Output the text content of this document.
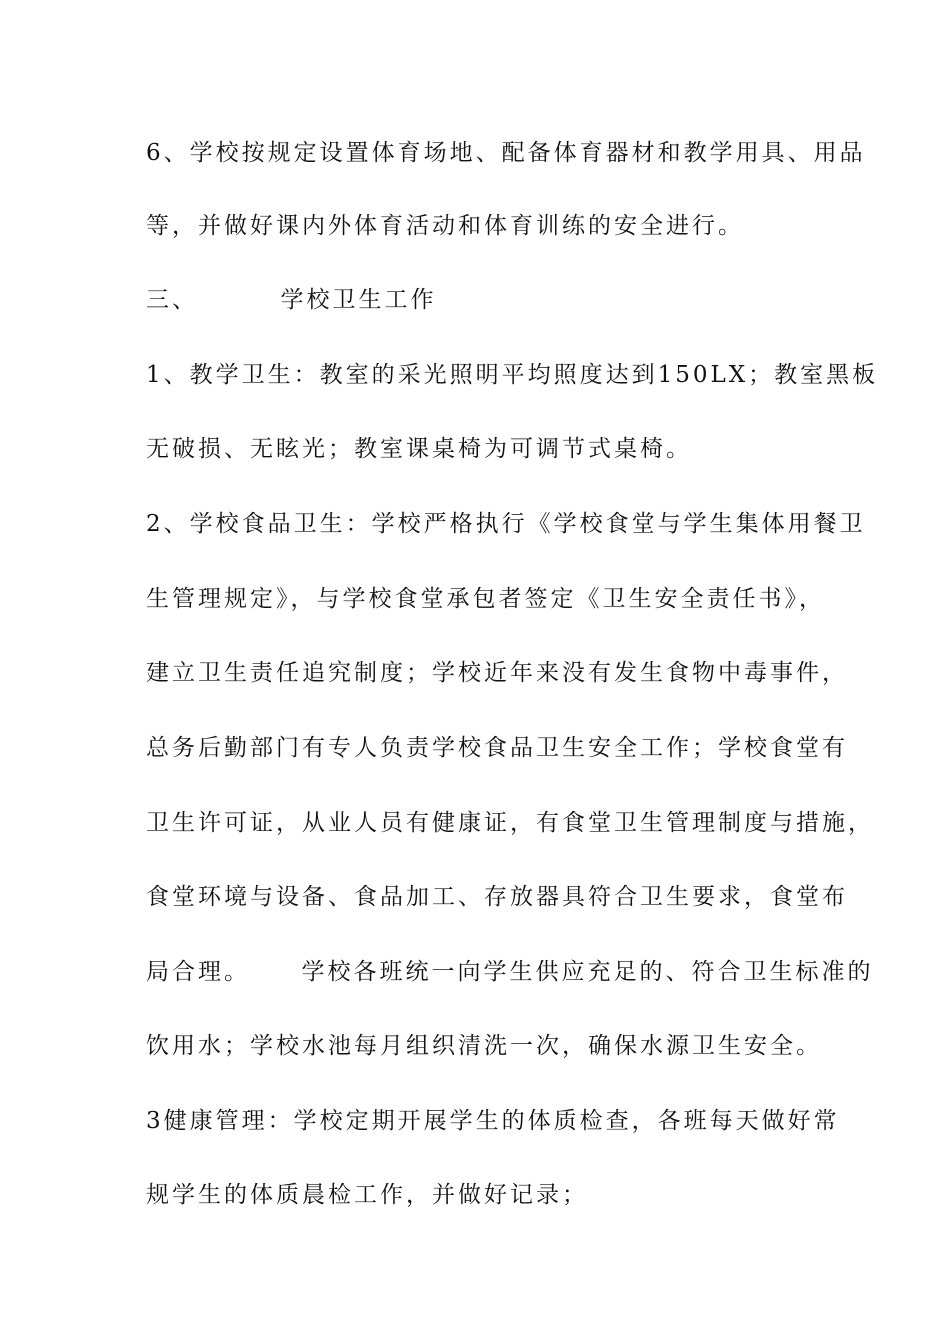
6、学校按规定设置体育场地、配备体育器材和教学用具、用品
等，并做好课内外体育活动和体育训练的安全进行。
三、        学校卫生工作
1、教学卫生：教室的采光照明平均照度达到150LX；教室黑板
无破损、无眩光；教室课桌椅为可调节式桌椅。
2、学校食品卫生：学校严格执行《学校食堂与学生集体用餐卫
生管理规定》，与学校食堂承包者签定《卫生安全责任书》，
建立卫生责任追究制度；学校近年来没有发生食物中毒事件，
总务后勤部门有专人负责学校食品卫生安全工作；学校食堂有
卫生许可证，从业人员有健康证，有食堂卫生管理制度与措施，
食堂环境与设备、食品加工、存放器具符合卫生要求，食堂布
局合理。     学校各班统一向学生供应充足的、符合卫生标准的
饮用水；学校水池每月组织清洗一次，确保水源卫生安全。
3健康管理：学校定期开展学生的体质检查，各班每天做好常
规学生的体质晨检工作，并做好记录；
